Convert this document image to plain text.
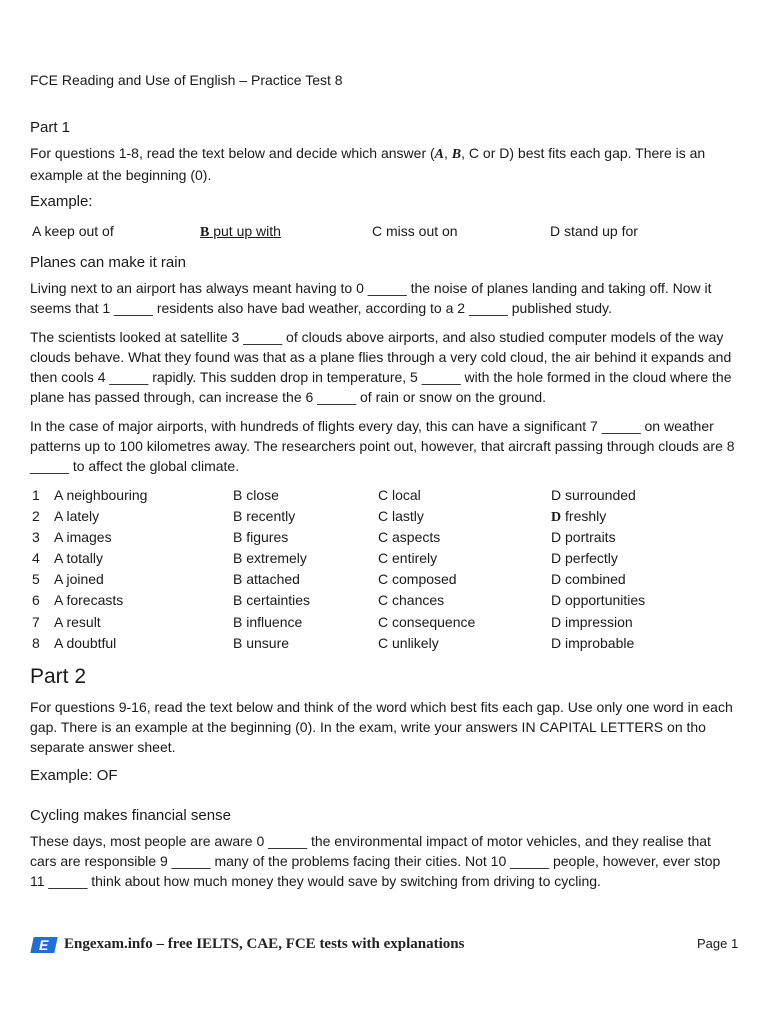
FCE Reading and Use of English – Practice Test 8
Part 1
For questions 1-8, read the text below and decide which answer (A, B, C or D) best fits each gap. There is an example at the beginning (0).
Example:
A keep out of	B put up with	C miss out on	D stand up for
Planes can make it rain
Living next to an airport has always meant having to 0 _____ the noise of planes landing and taking off. Now it seems that 1 _____ residents also have bad weather, according to a 2 _____ published study.
The scientists looked at satellite 3 _____ of clouds above airports, and also studied computer models of the way clouds behave. What they found was that as a plane flies through a very cold cloud, the air behind it expands and then cools 4 _____ rapidly. This sudden drop in temperature, 5 _____ with the hole formed in the cloud where the plane has passed through, can increase the 6 _____ of rain or snow on the ground.
In the case of major airports, with hundreds of flights every day, this can have a significant 7 _____ on weather patterns up to 100 kilometres away. The researchers point out, however, that aircraft passing through clouds are 8 _____ to affect the global climate.
1 A neighbouring	B close	C local	D surrounded
2 A lately	B recently	C lastly	D freshly
3 A images	B figures	C aspects	D portraits
4 A totally	B extremely	C entirely	D perfectly
5 A joined	B attached	C composed	D combined
6 A forecasts	B certainties	C chances	D opportunities
7 A result	B influence	C consequence	D impression
8 A doubtful	B unsure	C unlikely	D improbable
Part 2
For questions 9-16, read the text below and think of the word which best fits each gap. Use only one word in each gap. There is an example at the beginning (0). In the exam, write your answers IN CAPITAL LETTERS on tho separate answer sheet.
Example: OF
Cycling makes financial sense
These days, most people are aware 0 _____ the environmental impact of motor vehicles, and they realise that cars are responsible 9 _____ many of the problems facing their cities. Not 10 _____ people, however, ever stop 11 _____ think about how much money they would save by switching from driving to cycling.
E Engexam.info – free IELTS, CAE, FCE tests with explanations	Page 1
